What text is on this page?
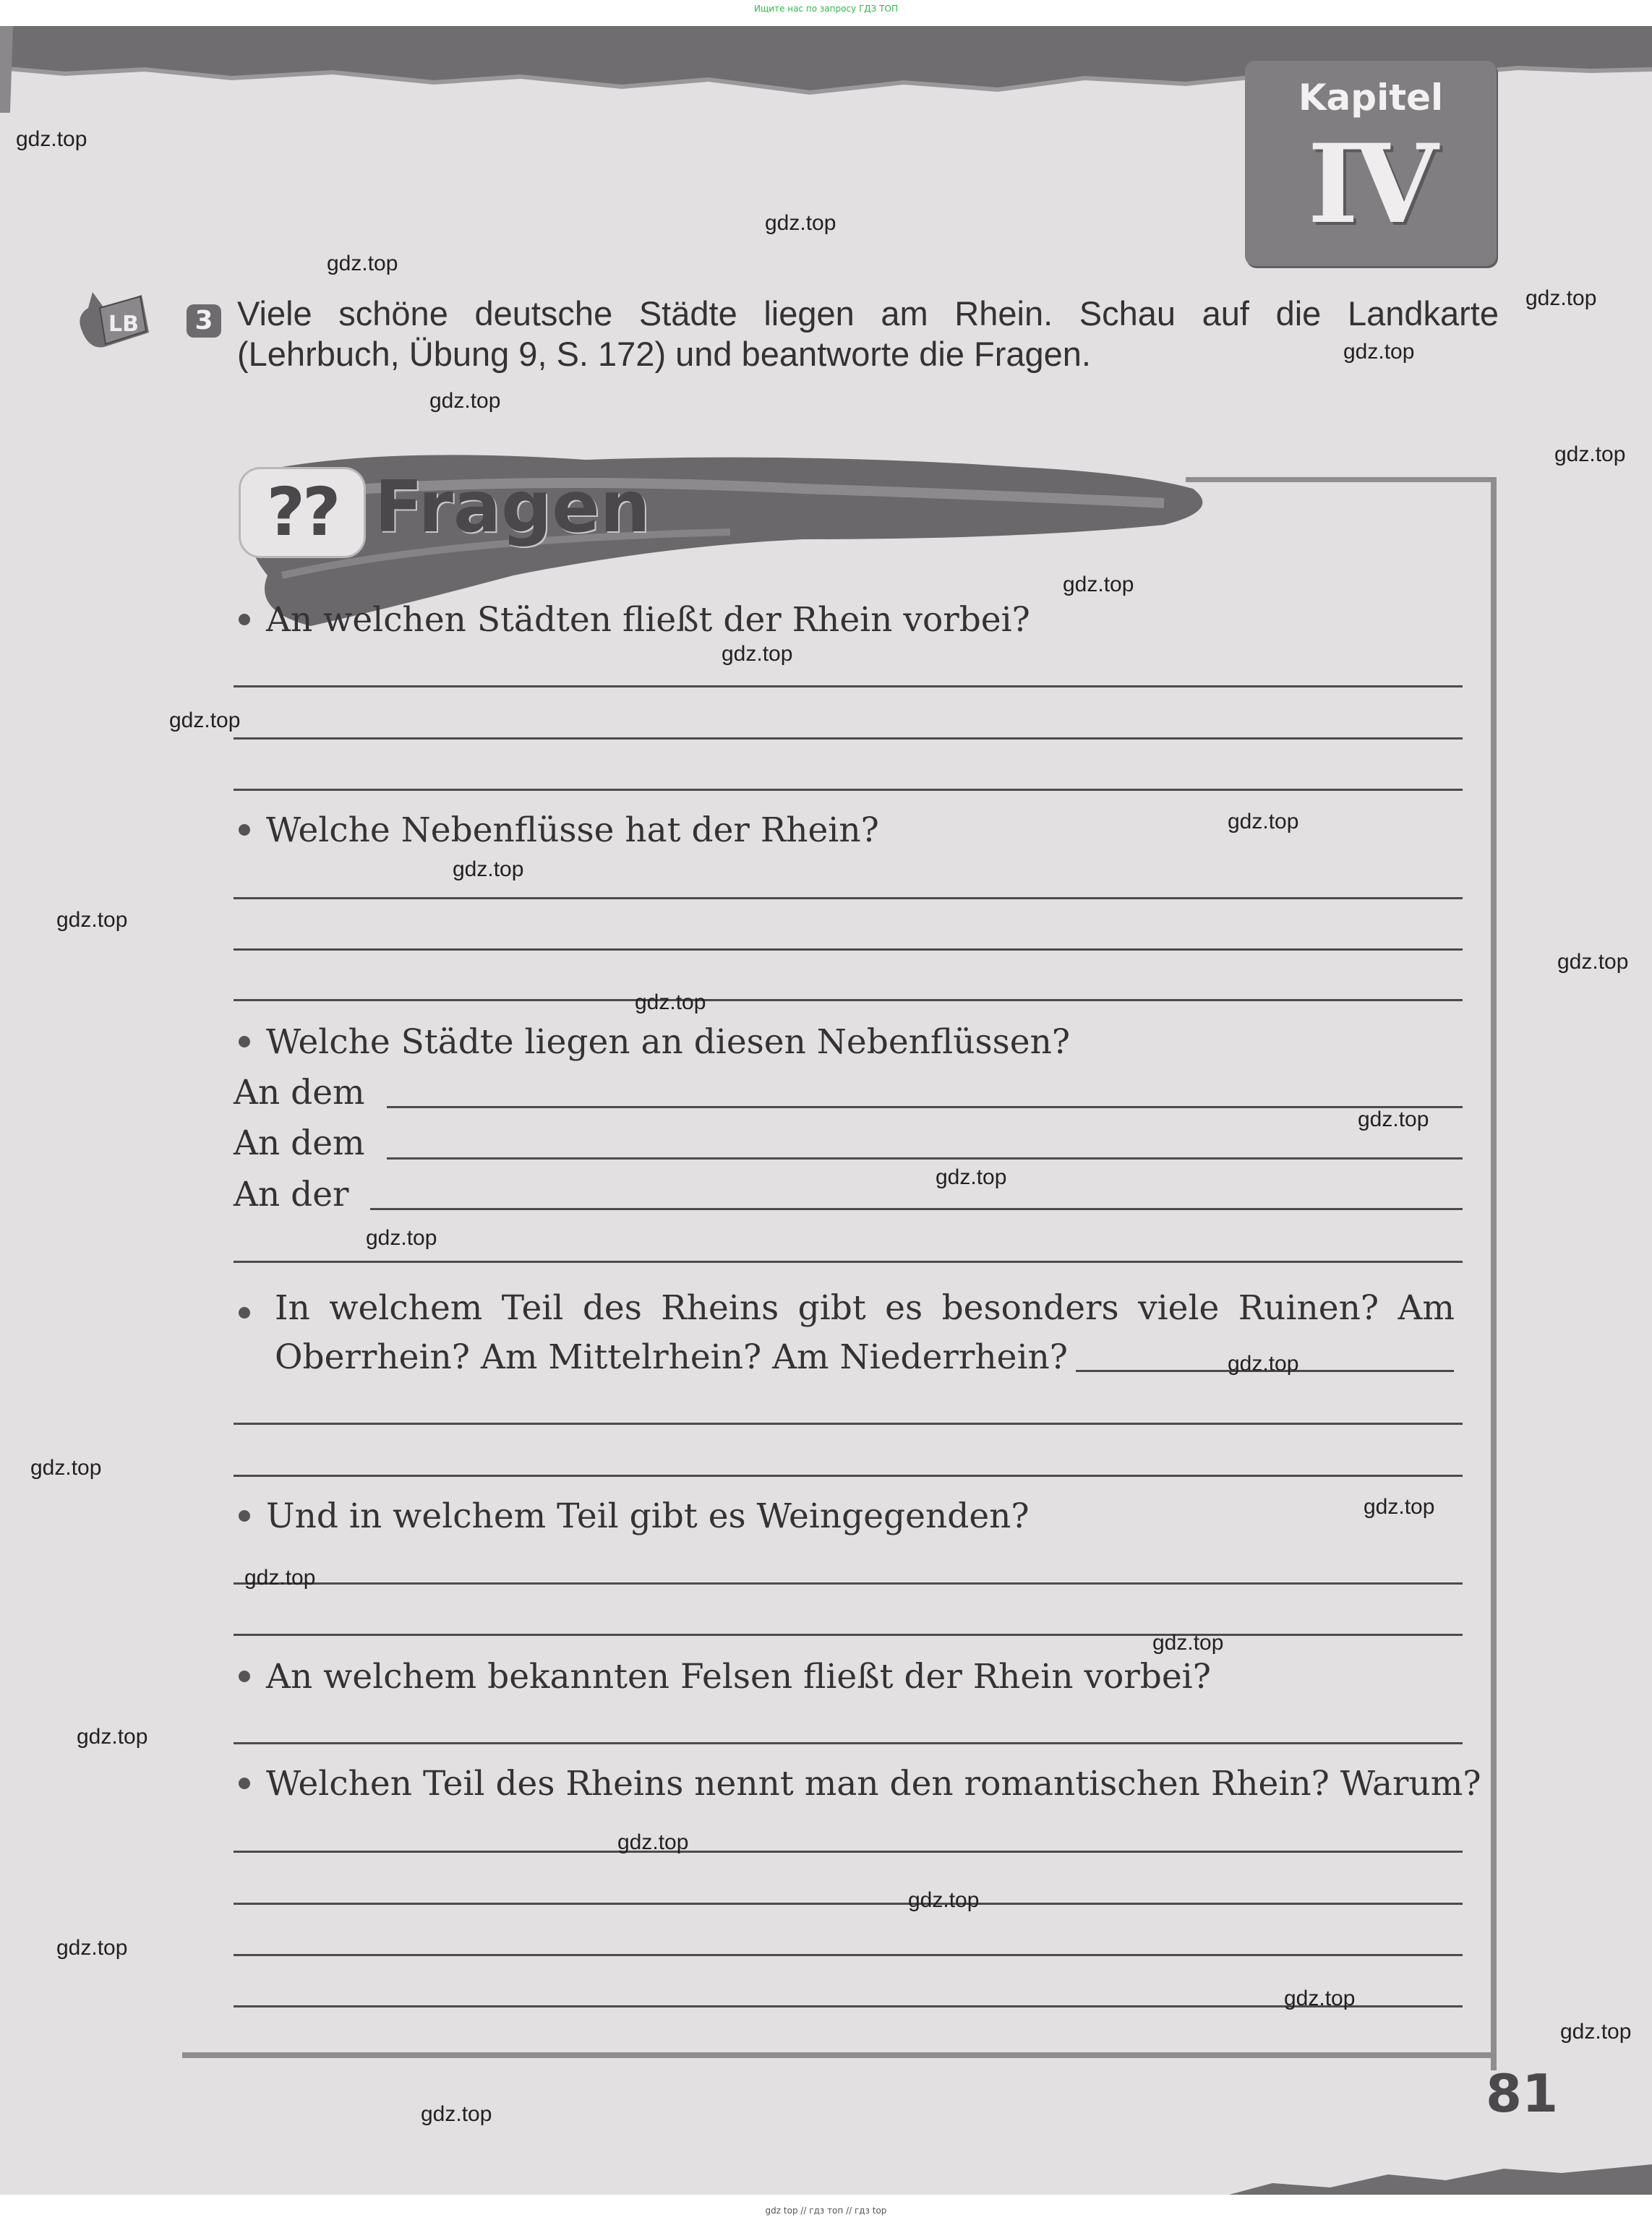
Ищите нас по запросу ГДЗ ТОП
Kapitel
IV
LB	3 Viele schöne deutsche Städte liegen am Rhein. Schau auf die Landkarte (Lehrbuch, Übung 9, S. 172) und beantworte die Fragen.
?? Fragen
An welchen Städten fließt der Rhein vorbei?
Welche Nebenflüsse hat der Rhein?
Welche Städte liegen an diesen Nebenflüssen?
An dem
An dem
An der
In welchem Teil des Rheins gibt es besonders viele Ruinen? Am Oberrhein? Am Mittelrhein? Am Niederrhein?
Und in welchem Teil gibt es Weingegenden?
An welchem bekannten Felsen fließt der Rhein vorbei?
Welchen Teil des Rheins nennt man den romantischen Rhein? Warum?
81
gdz.top
gdz.top
gdz.top
gdz.top
gdz.top
gdz.top
gdz.top
gdz.top
gdz.top
gdz.top
gdz.top
gdz.top
gdz.top
gdz.top
gdz.top
gdz.top
gdz.top
gdz.top
gdz.top
gdz.top
gdz.top
gdz.top
gdz.top
gdz.top
gdz.top
gdz.top
gdz.top
gdz.top
gdz.top
gdz.top
gdz top // гдз топ // гдз top
